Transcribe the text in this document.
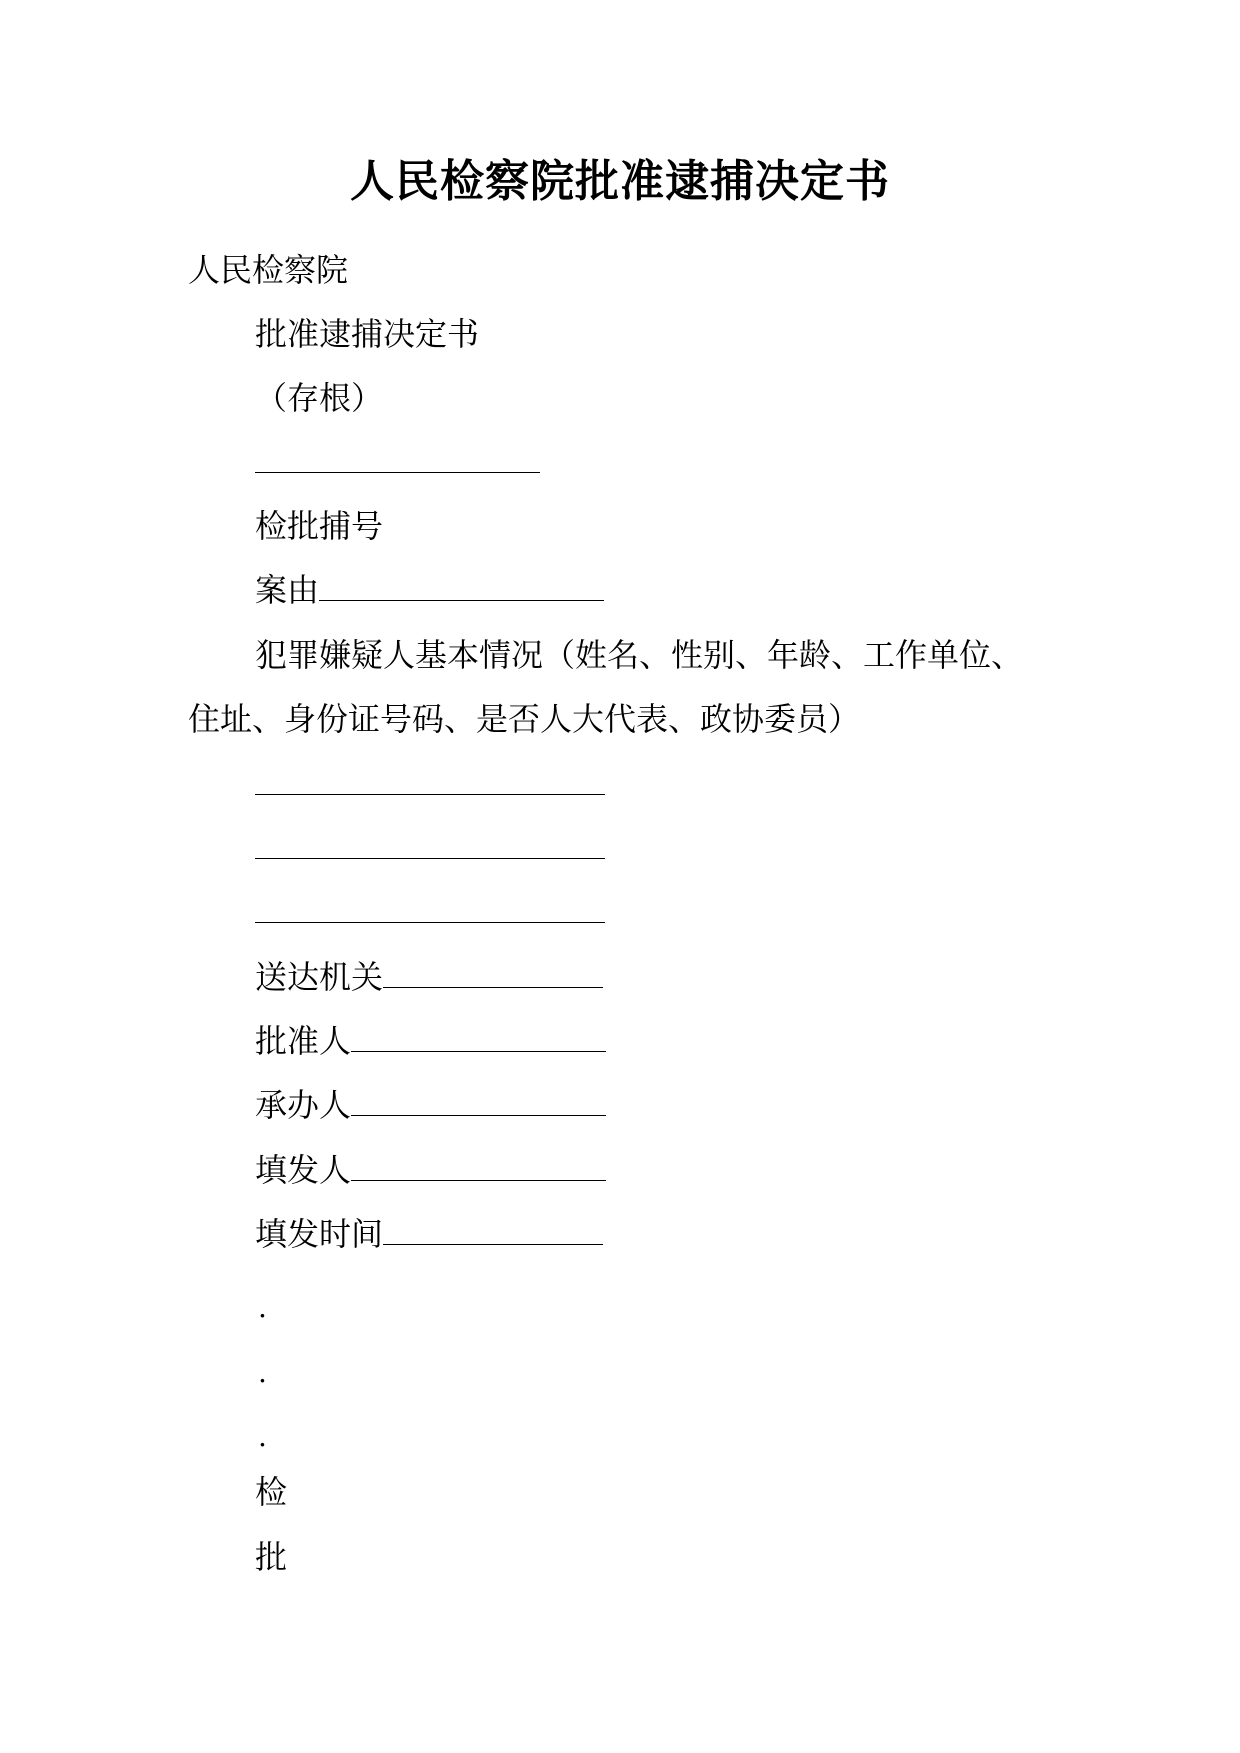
人民检察院批准逮捕决定书
人民检察院
批准逮捕决定书
（存根）
检批捕号
案由
犯罪嫌疑人基本情况（姓名、性别、年龄、工作单位、
住址、身份证号码、是否人大代表、政协委员）
送达机关
批准人
承办人
填发人
填发时间
.
.
.
检
批
